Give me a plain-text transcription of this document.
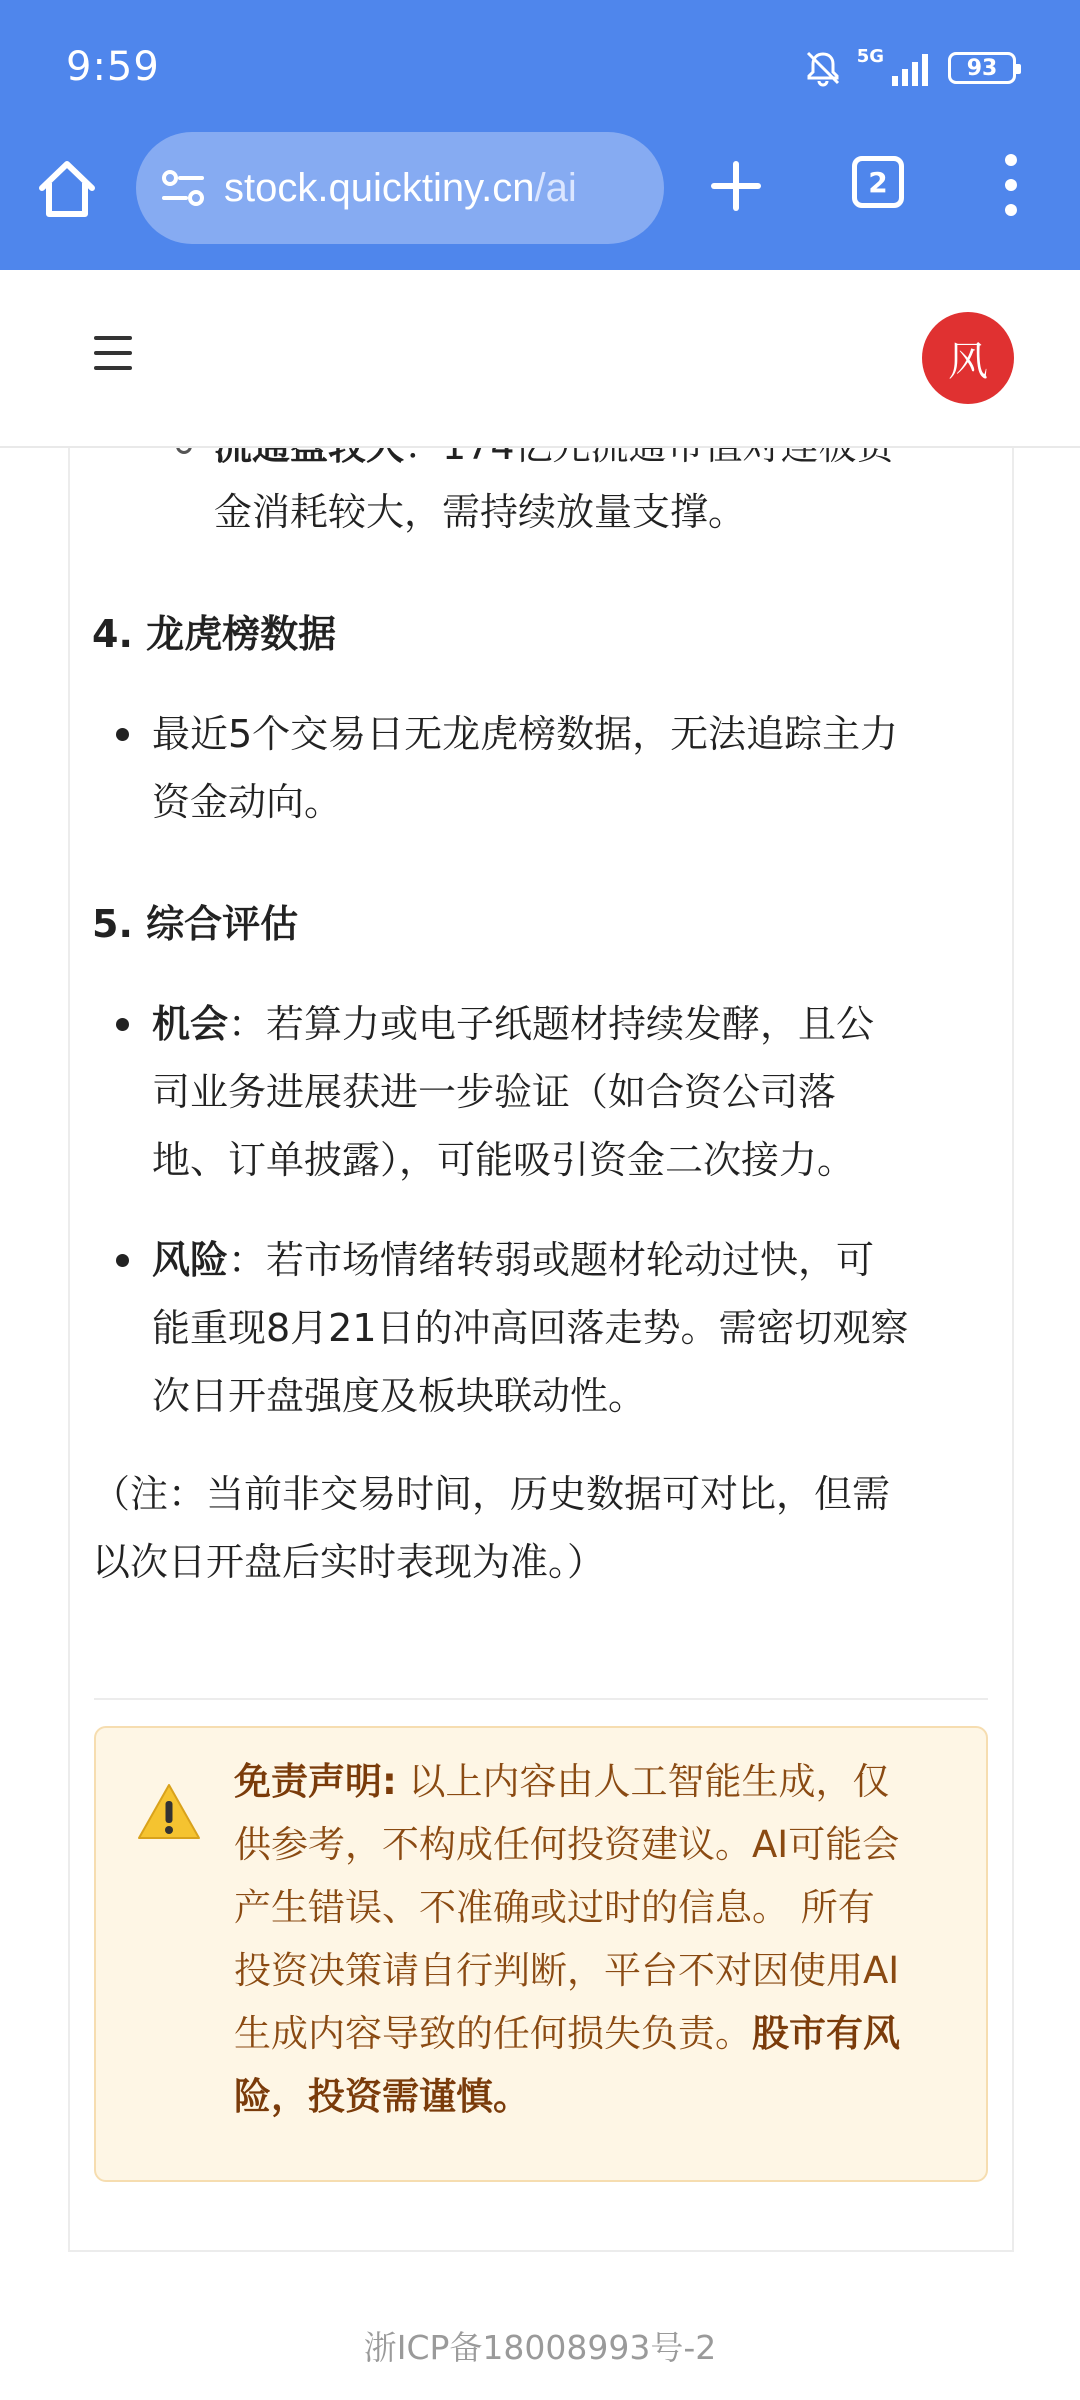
9:59	5G	93
stock.quicktiny.cn/ai	2
风
金消耗较大，需持续放量支撑。
4. 龙虎榜数据
最近5个交易日无龙虎榜数据，无法追踪主力
资金动向。
5. 综合评估
机会：若算力或电子纸题材持续发酵，且公
司业务进展获进一步验证（如合资公司落
地、订单披露），可能吸引资金二次接力。
风险：若市场情绪转弱或题材轮动过快，可
能重现8月21日的冲高回落走势。需密切观察
次日开盘强度及板块联动性。
（注：当前非交易时间，历史数据可对比，但需
以次日开盘后实时表现为准。）
免责声明: 以上内容由人工智能生成，仅
供参考，不构成任何投资建议。AI可能会
产生错误、不准确或过时的信息。 所有
投资决策请自行判断，平台不对因使用AI
生成内容导致的任何损失负责。股市有风
险，投资需谨慎。
浙ICP备18008993号-2
